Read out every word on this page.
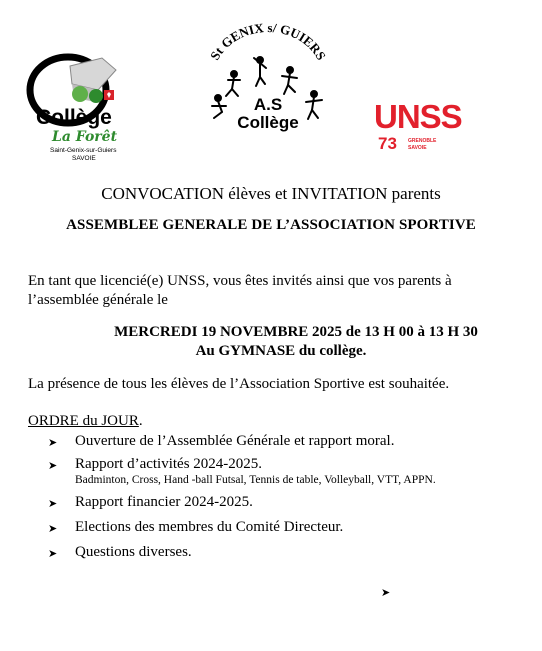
Collège
La Forêt
Saint-Genix-sur-Guiers
SAVOIE
St GENIX s/ GUIERS
A.S
Collège UNSS
73 GRENOBLE
SAVOIE
CONVOCATION élèves et INVITATION parents
ASSEMBLEE GENERALE DE L’ASSOCIATION SPORTIVE
En tant que licencié(e) UNSS, vous êtes invités ainsi que vos parents à l’assemblée générale le
MERCREDI 19 NOVEMBRE 2025 de 13 H 00 à 13 H 30
Au GYMNASE du collège.
La présence de tous les élèves de l’Association Sportive est souhaitée.
ORDRE du JOUR.
➤ Ouverture de l’Assemblée Générale et rapport moral.
➤ Rapport d’activités 2024-2025.
Badminton, Cross, Hand -ball Futsal, Tennis de table, Volleyball, VTT, APPN.
➤ Rapport financier 2024-2025.
➤ Elections des membres du Comité Directeur.
➤ Questions diverses.
➤
